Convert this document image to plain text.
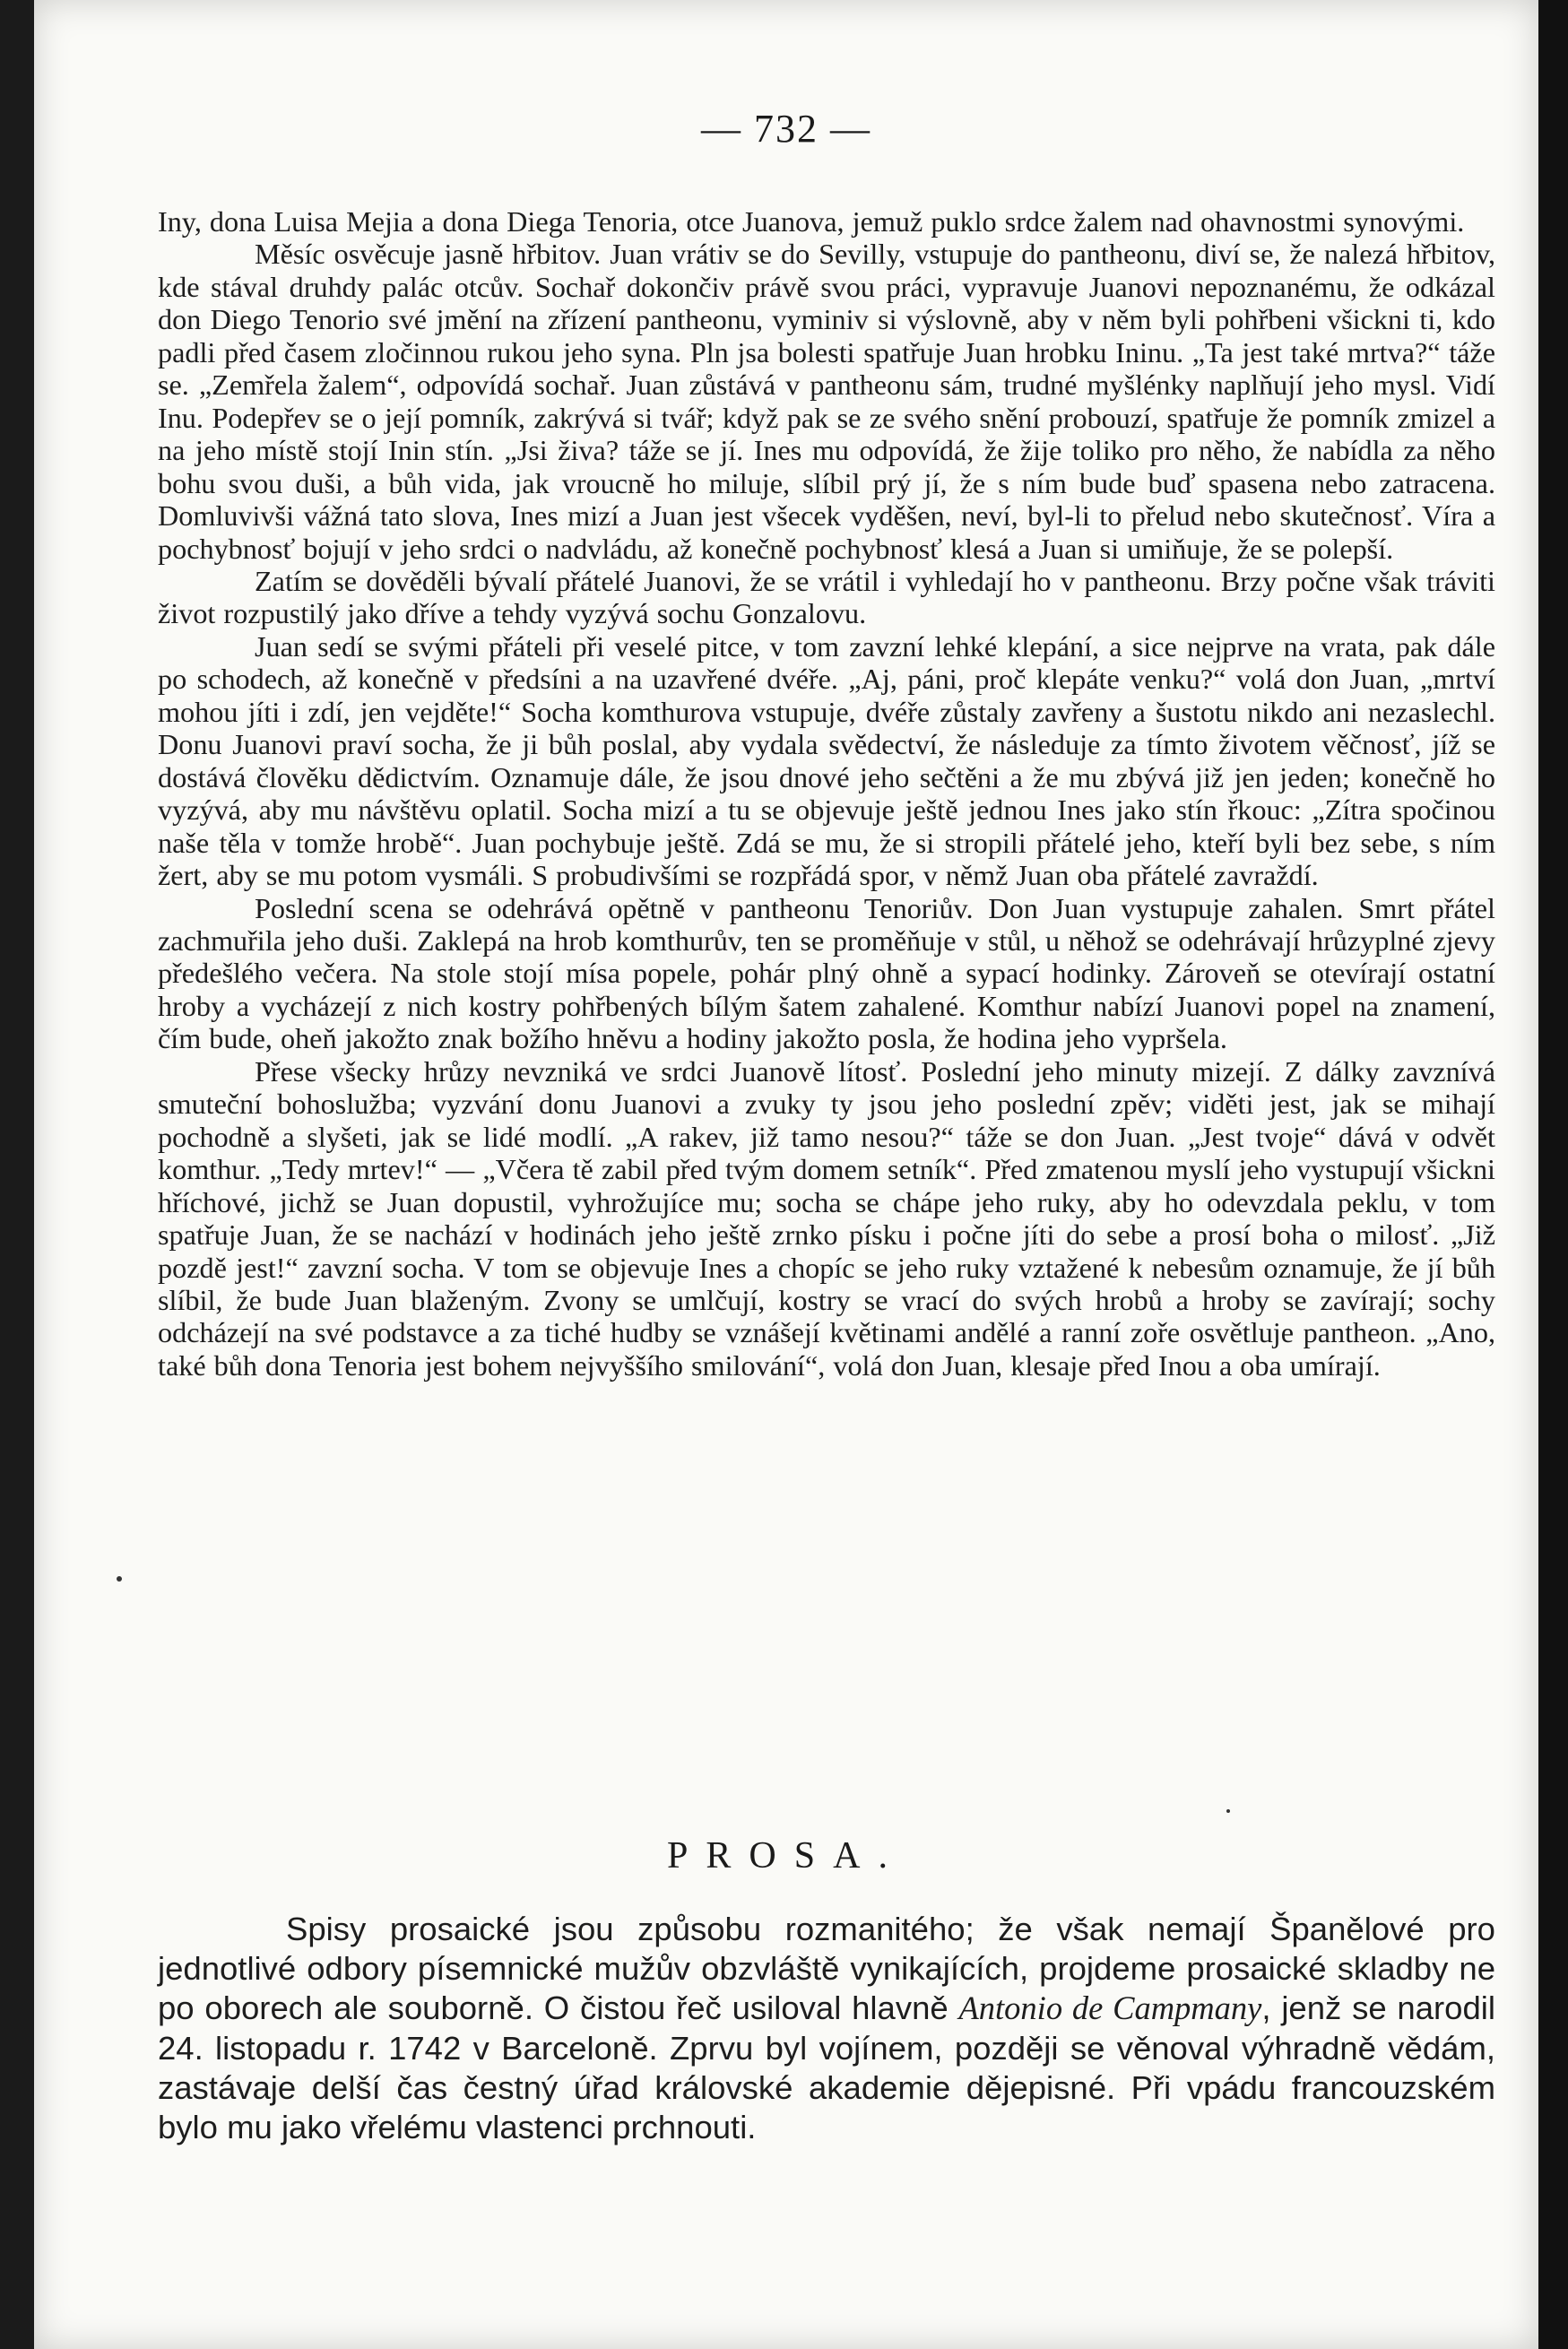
— 732 —

Iny, dona Luisa Mejia a dona Diega Tenoria, otce Juanova, jemuž puklo srdce žalem nad ohavnostmi synovými.

Měsíc osvěcuje jasně hřbitov. Juan vrátiv se do Sevilly, vstupuje do pantheonu, diví se, že nalezá hřbitov, kde stával druhdy palác otcův. Sochař dokončiv právě svou práci, vypravuje Juanovi nepoznanému, že odkázal don Diego Tenorio své jmění na zřízení pantheonu, vyminiv si výslovně, aby v něm byli pohřbeni všickni ti, kdo padli před časem zločinnou rukou jeho syna. Pln jsa bolesti spatřuje Juan hrobku Ininu. „Ta jest také mrtva?“ táže se. „Zemřela žalem“, odpovídá sochař. Juan zůstává v pantheonu sám, trudné myšlénky naplňují jeho mysl. Vidí Inu. Podepřev se o její pomník, zakrývá si tvář; když pak se ze svého snění probouzí, spatřuje že pomník zmizel a na jeho místě stojí Inin stín. „Jsi živa? táže se jí. Ines mu odpovídá, že žije toliko pro něho, že nabídla za něho bohu svou duši, a bůh vida, jak vroucně ho miluje, slíbil prý jí, že s ním bude buď spasena nebo zatracena. Domluvivši vážná tato slova, Ines mizí a Juan jest všecek vyděšen, neví, byl-li to přelud nebo skutečnosť. Víra a pochybnosť bojují v jeho srdci o nadvládu, až konečně pochybnosť klesá a Juan si umiňuje, že se polepší.

Zatím se dověděli bývalí přátelé Juanovi, že se vrátil i vyhledají ho v pantheonu. Brzy počne však tráviti život rozpustilý jako dříve a tehdy vyzývá sochu Gonzalovu.

Juan sedí se svými přáteli při veselé pitce, v tom zavzní lehké klepání, a sice nejprve na vrata, pak dále po schodech, až konečně v předsíni a na uzavřené dvéře. „Aj, páni, proč klepáte venku?“ volá don Juan, „mrtví mohou jíti i zdí, jen vejděte!“ Socha komthurova vstupuje, dvéře zůstaly zavřeny a šustotu nikdo ani nezaslechl. Donu Juanovi praví socha, že ji bůh poslal, aby vydala svědectví, že následuje za tímto životem věčnosť, jíž se dostává člověku dědictvím. Oznamuje dále, že jsou dnové jeho sečtěni a že mu zbývá již jen jeden; konečně ho vyzývá, aby mu návštěvu oplatil. Socha mizí a tu se objevuje ještě jednou Ines jako stín řkouc: „Zítra spočinou naše těla v tomže hrobě“. Juan pochybuje ještě. Zdá se mu, že si stropili přátelé jeho, kteří byli bez sebe, s ním žert, aby se mu potom vysmáli. S probudivšími se rozpřádá spor, v němž Juan oba přátelé zavraždí.

Poslední scena se odehrává opětně v pantheonu Tenoriův. Don Juan vystupuje zahalen. Smrt přátel zachmuřila jeho duši. Zaklepá na hrob komthurův, ten se proměňuje v stůl, u něhož se odehrávají hrůzyplné zjevy předešlého večera. Na stole stojí mísa popele, pohár plný ohně a sypací hodinky. Zároveň se otevírají ostatní hroby a vycházejí z nich kostry pohřbených bílým šatem zahalené. Komthur nabízí Juanovi popel na znamení, čím bude, oheň jakožto znak božího hněvu a hodiny jakožto posla, že hodina jeho vypršela.

Přese všecky hrůzy nevzniká ve srdci Juanově lítosť. Poslední jeho minuty mizejí. Z dálky zavznívá smuteční bohoslužba; vyzvání donu Juanovi a zvuky ty jsou jeho poslední zpěv; viděti jest, jak se mihají pochodně a slyšeti, jak se lidé modlí. „A rakev, již tamo nesou?“ táže se don Juan. „Jest tvoje“ dává v odvět komthur. „Tedy mrtev!“ — „Včera tě zabil před tvým domem setník“. Před zmatenou myslí jeho vystupují všickni hříchové, jichž se Juan dopustil, vyhrožujíce mu; socha se chápe jeho ruky, aby ho odevzdala peklu, v tom spatřuje Juan, že se nachází v hodinách jeho ještě zrnko písku i počne jíti do sebe a prosí boha o milosť. „Již pozdě jest!“ zavzní socha. V tom se objevuje Ines a chopíc se jeho ruky vztažené k nebesům oznamuje, že jí bůh slíbil, že bude Juan blaženým. Zvony se umlčují, kostry se vrací do svých hrobů a hroby se zavírají; sochy odcházejí na své podstavce a za tiché hudby se vznášejí květinami andělé a ranní zoře osvětluje pantheon. „Ano, také bůh dona Tenoria jest bohem nejvyššího smilování“, volá don Juan, klesaje před Inou a oba umírají.

PROSA.
Spisy prosaické jsou způsobu rozmanitého; že však nemají Španělové pro jednotlivé odbory písemnické mužův obzvláště vynikajících, projdeme prosaické skladby ne po oborech ale souborně. O čistou řeč usiloval hlavně Antonio de Campmany, jenž se narodil 24. listopadu r. 1742 v Barceloně. Zprvu byl vojínem, později se věnoval výhradně vědám, zastávaje delší čas čestný úřad královské akademie dějepisné. Při vpádu francouzském bylo mu jako vřelému vlastenci prchnouti.
